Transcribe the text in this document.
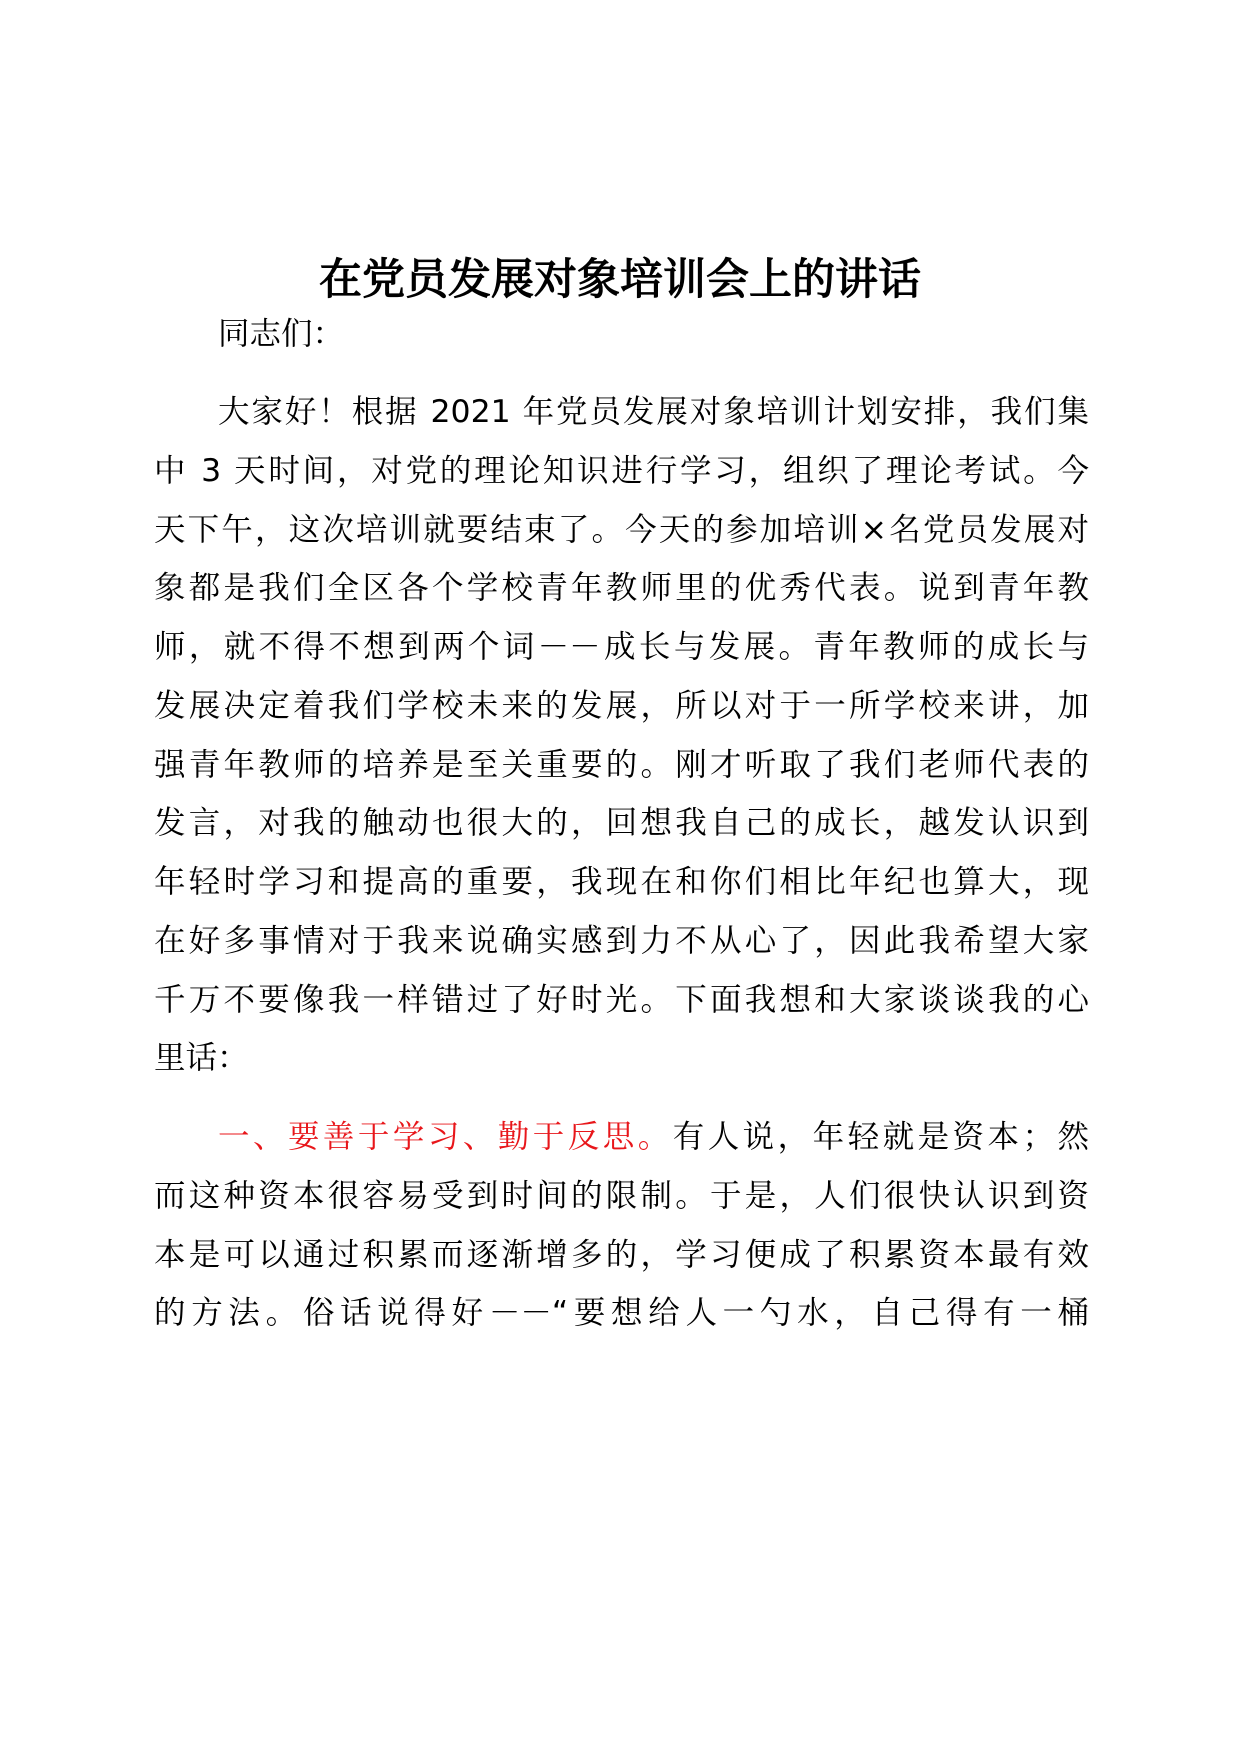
在党员发展对象培训会上的讲话

同志们：

大家好！根据 2021 年党员发展对象培训计划安排，我们集

中 3 天时间，对党的理论知识进行学习，组织了理论考试。今

天下午，这次培训就要结束了。今天的参加培训×名党员发展对

象都是我们全区各个学校青年教师里的优秀代表。说到青年教

师，就不得不想到两个词－－成长与发展。青年教师的成长与

发展决定着我们学校未来的发展，所以对于一所学校来讲，加

强青年教师的培养是至关重要的。刚才听取了我们老师代表的

发言，对我的触动也很大的，回想我自己的成长，越发认识到

年轻时学习和提高的重要，我现在和你们相比年纪也算大，现

在好多事情对于我来说确实感到力不从心了，因此我希望大家

千万不要像我一样错过了好时光。下面我想和大家谈谈我的心

里话：

一、要善于学习、勤于反思。有人说，年轻就是资本；然

而这种资本很容易受到时间的限制。于是，人们很快认识到资

本是可以通过积累而逐渐增多的，学习便成了积累资本最有效

的方法。俗话说得好－－“要想给人一勺水，自己得有一桶
